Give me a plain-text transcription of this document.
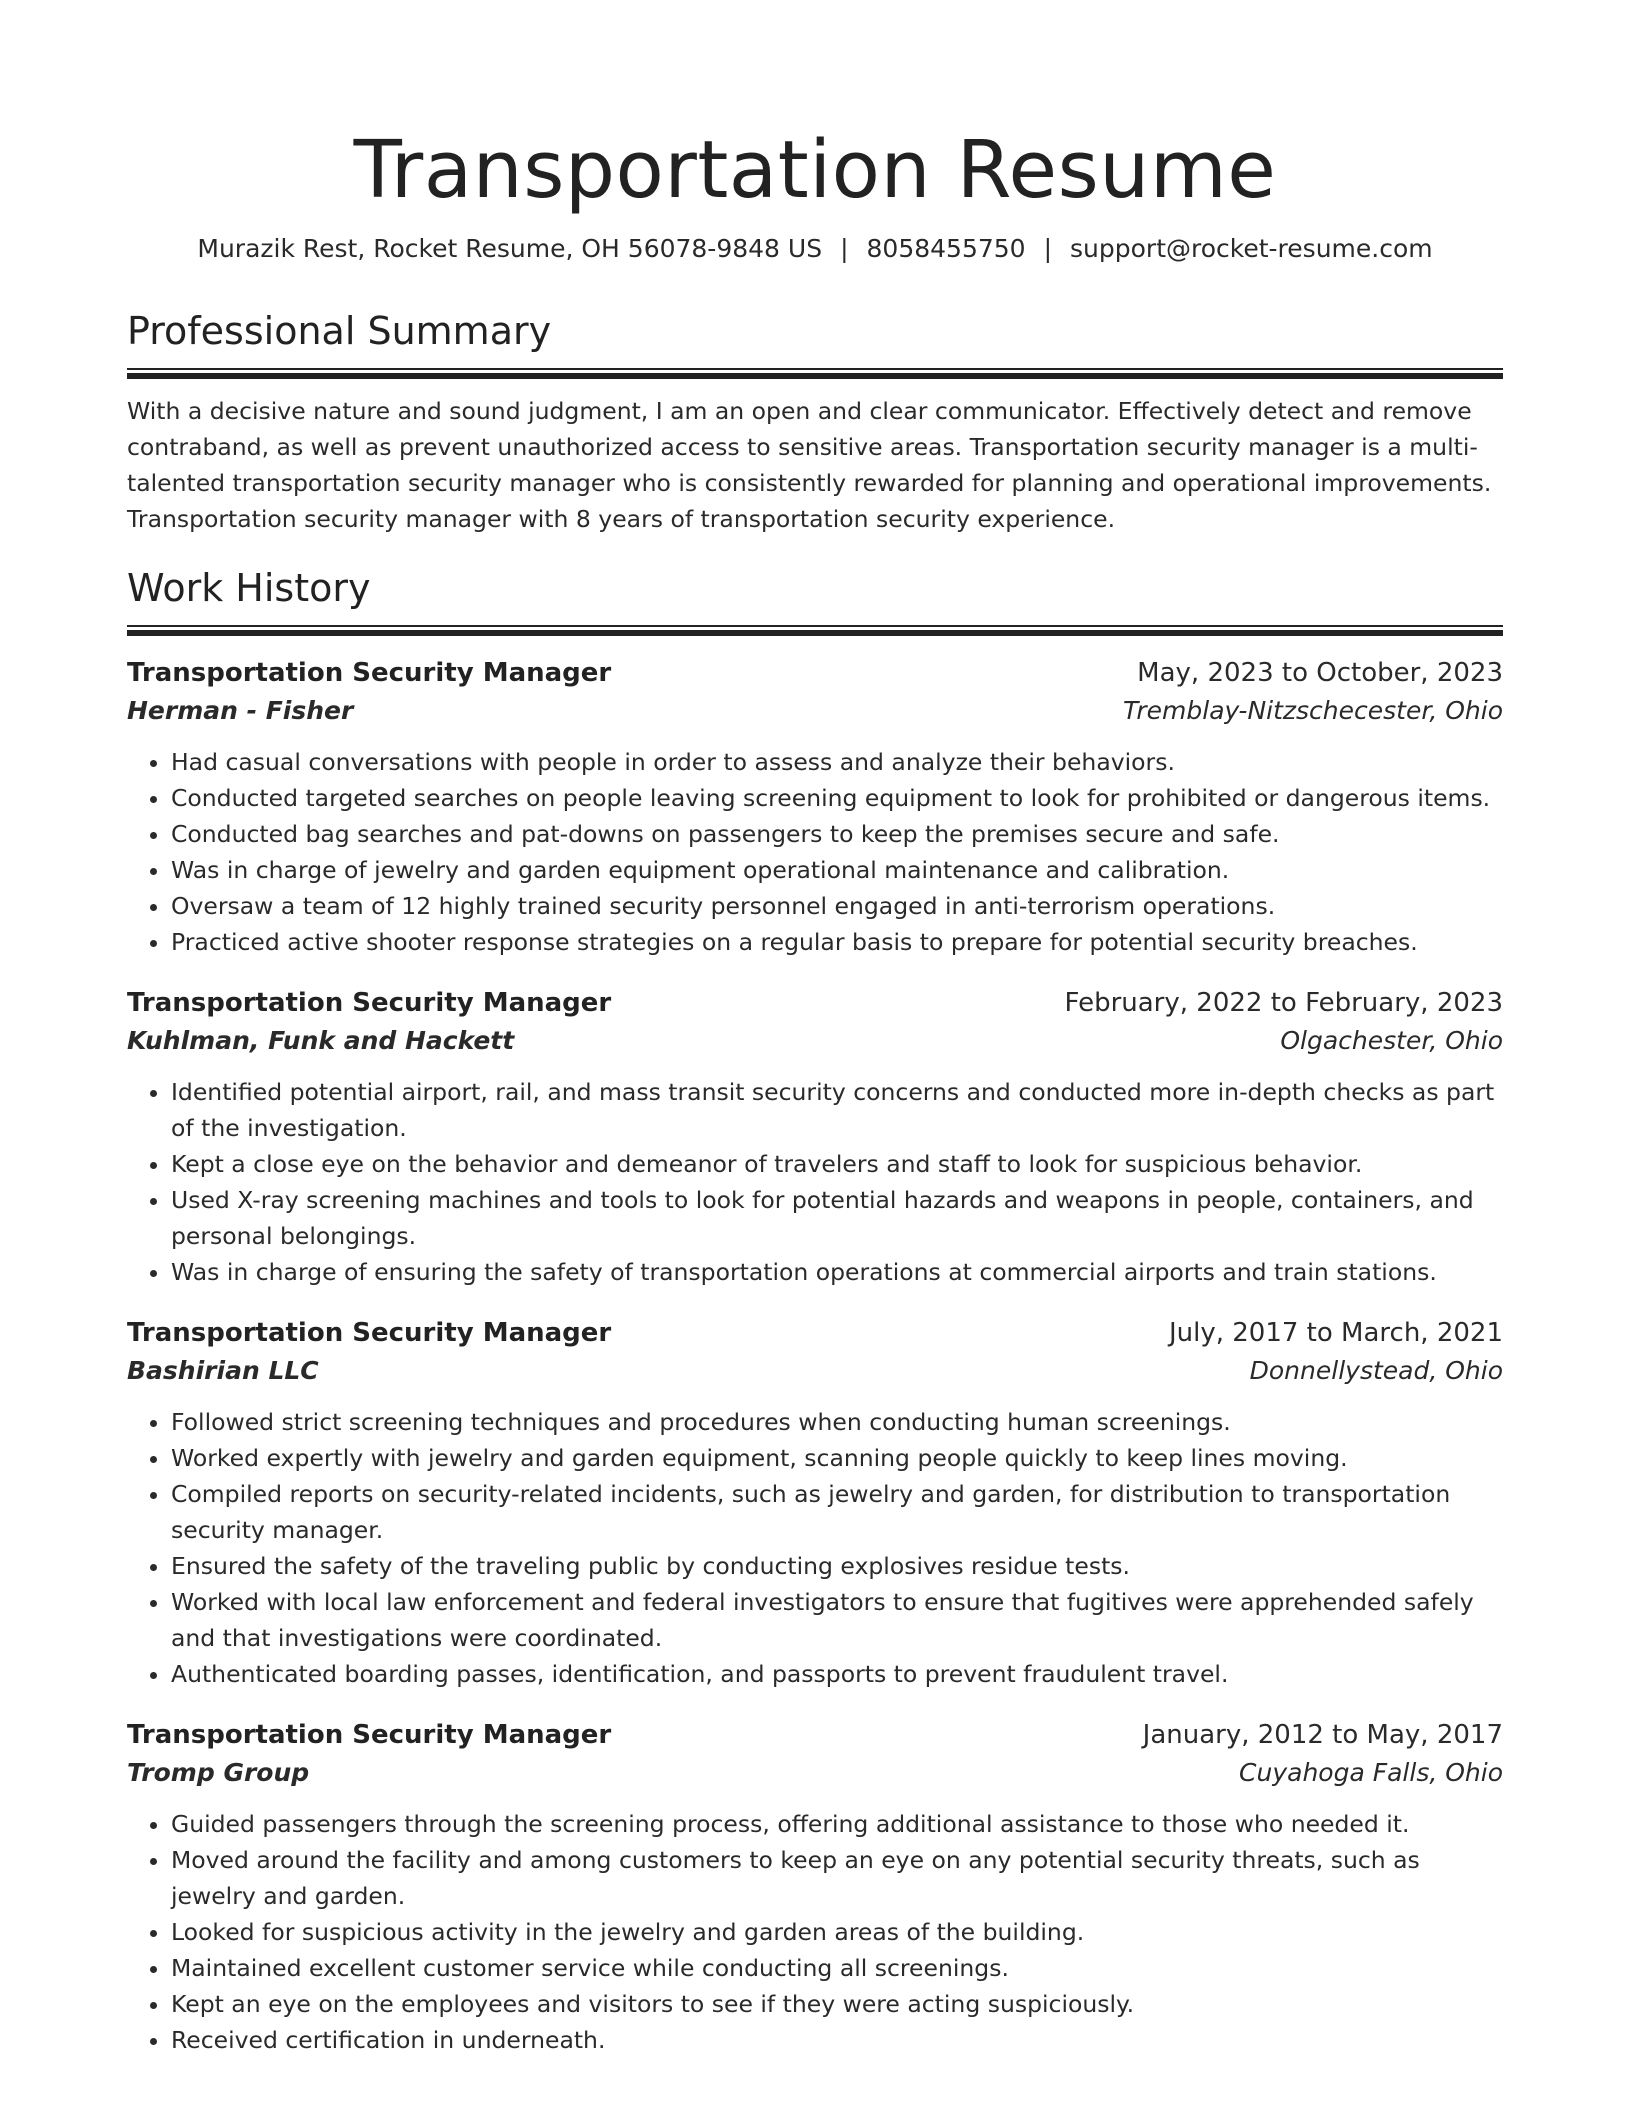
Transportation Resume
Murazik Rest, Rocket Resume, OH 56078-9848 US | 8058455750 | support@rocket-resume.com
Professional Summary

With a decisive nature and sound judgment, I am an open and clear communicator. Effectively detect and remove contraband, as well as prevent unauthorized access to sensitive areas. Transportation security manager is a multi-talented transportation security manager who is consistently rewarded for planning and operational improvements. Transportation security manager with 8 years of transportation security experience.

Work History
Transportation Security Manager	May, 2023 to October, 2023
Herman - Fisher	Tremblay-Nitzschecester, Ohio
• Had casual conversations with people in order to assess and analyze their behaviors.
• Conducted targeted searches on people leaving screening equipment to look for prohibited or dangerous items.
• Conducted bag searches and pat-downs on passengers to keep the premises secure and safe.
• Was in charge of jewelry and garden equipment operational maintenance and calibration.
• Oversaw a team of 12 highly trained security personnel engaged in anti-terrorism operations.
• Practiced active shooter response strategies on a regular basis to prepare for potential security breaches.
Transportation Security Manager	February, 2022 to February, 2023
Kuhlman, Funk and Hackett	Olgachester, Ohio
• Identified potential airport, rail, and mass transit security concerns and conducted more in-depth checks as part of the investigation.
• Kept a close eye on the behavior and demeanor of travelers and staff to look for suspicious behavior.
• Used X-ray screening machines and tools to look for potential hazards and weapons in people, containers, and personal belongings.
• Was in charge of ensuring the safety of transportation operations at commercial airports and train stations.
Transportation Security Manager	July, 2017 to March, 2021
Bashirian LLC	Donnellystead, Ohio
• Followed strict screening techniques and procedures when conducting human screenings.
• Worked expertly with jewelry and garden equipment, scanning people quickly to keep lines moving.
• Compiled reports on security-related incidents, such as jewelry and garden, for distribution to transportation security manager.
• Ensured the safety of the traveling public by conducting explosives residue tests.
• Worked with local law enforcement and federal investigators to ensure that fugitives were apprehended safely and that investigations were coordinated.
• Authenticated boarding passes, identification, and passports to prevent fraudulent travel.
Transportation Security Manager	January, 2012 to May, 2017
Tromp Group	Cuyahoga Falls, Ohio
• Guided passengers through the screening process, offering additional assistance to those who needed it.
• Moved around the facility and among customers to keep an eye on any potential security threats, such as jewelry and garden.
• Looked for suspicious activity in the jewelry and garden areas of the building.
• Maintained excellent customer service while conducting all screenings.
• Kept an eye on the employees and visitors to see if they were acting suspiciously.
• Received certification in underneath.
